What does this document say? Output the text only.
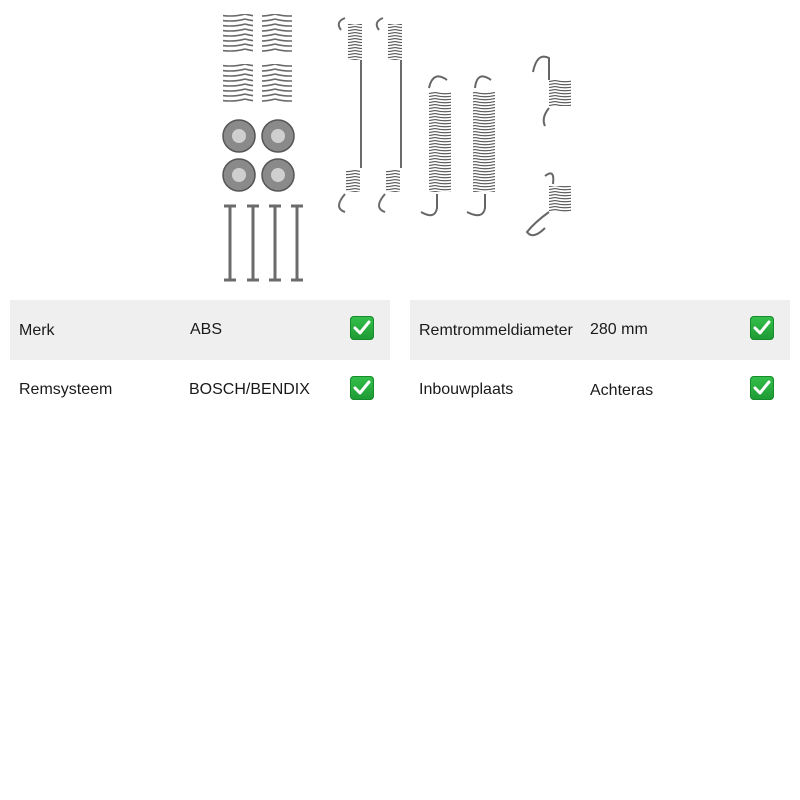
Merk	ABS
Remsysteem	BOSCH/BENDIX
Remtrommeldiameter 280 mm
Inbouwplaats	Achteras
